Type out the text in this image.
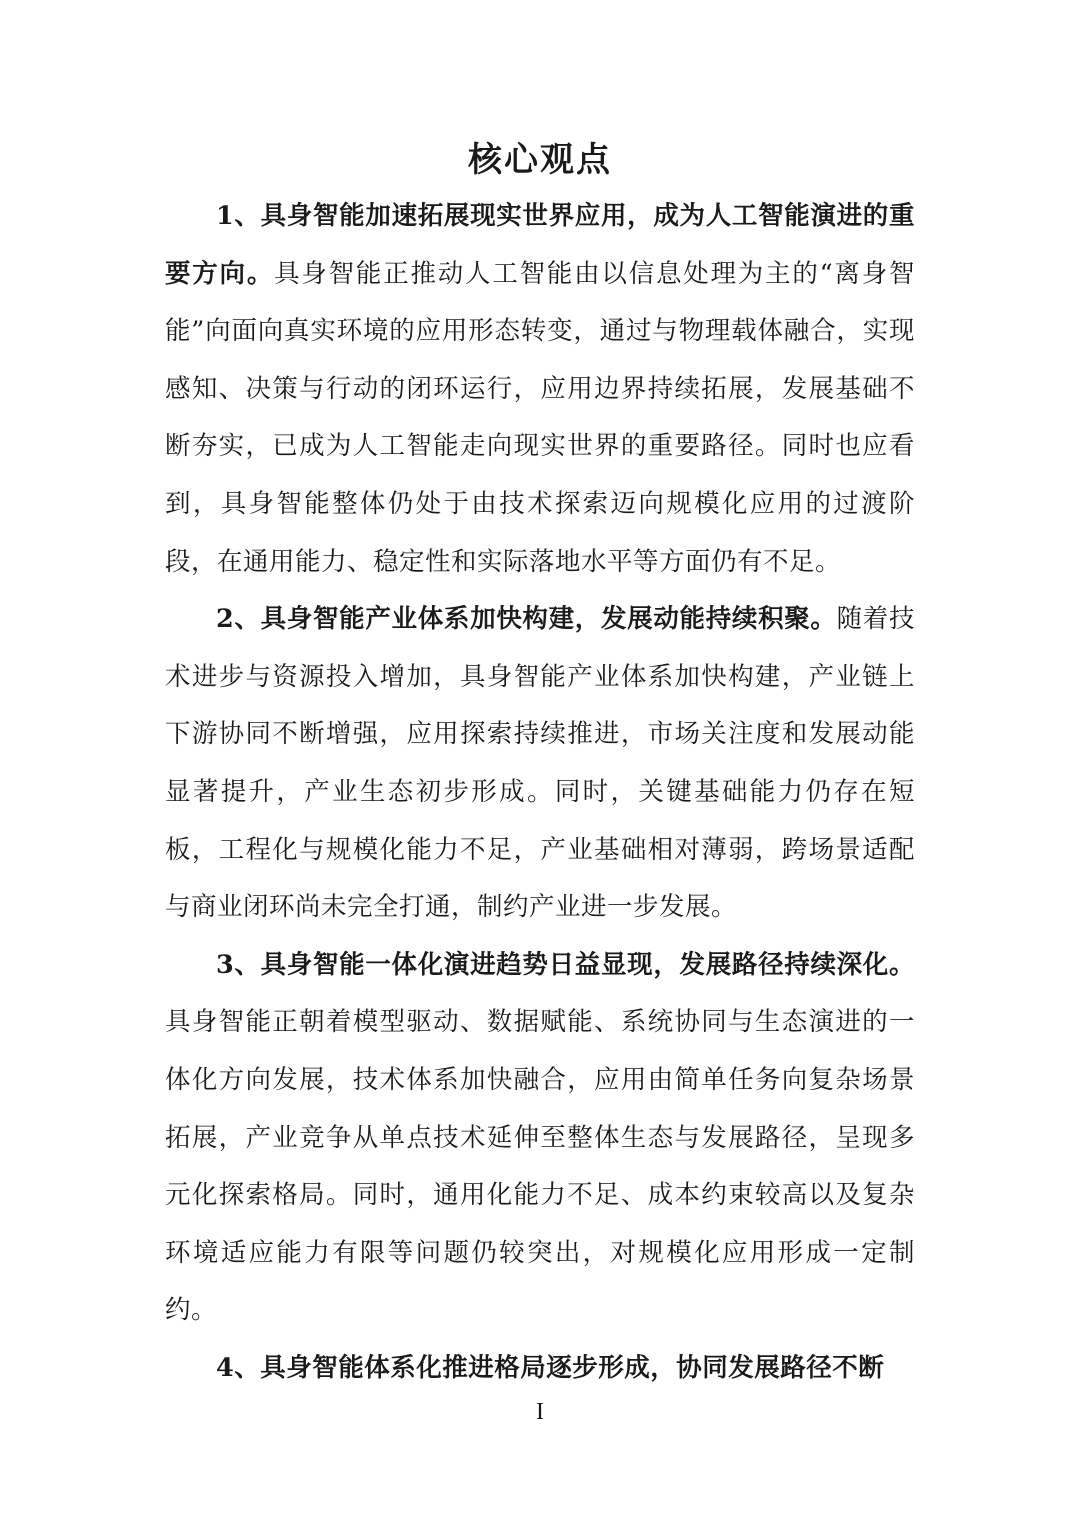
核心观点

1、具身智能加速拓展现实世界应用，成为人工智能演进的重要方向。具身智能正推动人工智能由以信息处理为主的“离身智能”向面向真实环境的应用形态转变，通过与物理载体融合，实现感知、决策与行动的闭环运行，应用边界持续拓展，发展基础不断夯实，已成为人工智能走向现实世界的重要路径。同时也应看到，具身智能整体仍处于由技术探索迈向规模化应用的过渡阶段，在通用能力、稳定性和实际落地水平等方面仍有不足。

2、具身智能产业体系加快构建，发展动能持续积聚。随着技术进步与资源投入增加，具身智能产业体系加快构建，产业链上下游协同不断增强，应用探索持续推进，市场关注度和发展动能显著提升，产业生态初步形成。同时，关键基础能力仍存在短板，工程化与规模化能力不足，产业基础相对薄弱，跨场景适配与商业闭环尚未完全打通，制约产业进一步发展。

3、具身智能一体化演进趋势日益显现，发展路径持续深化。具身智能正朝着模型驱动、数据赋能、系统协同与生态演进的一体化方向发展，技术体系加快融合，应用由简单任务向复杂场景拓展，产业竞争从单点技术延伸至整体生态与发展路径，呈现多元化探索格局。同时，通用化能力不足、成本约束较高以及复杂环境适应能力有限等问题仍较突出，对规模化应用形成一定制约。

4、具身智能体系化推进格局逐步形成，协同发展路径不断

I
